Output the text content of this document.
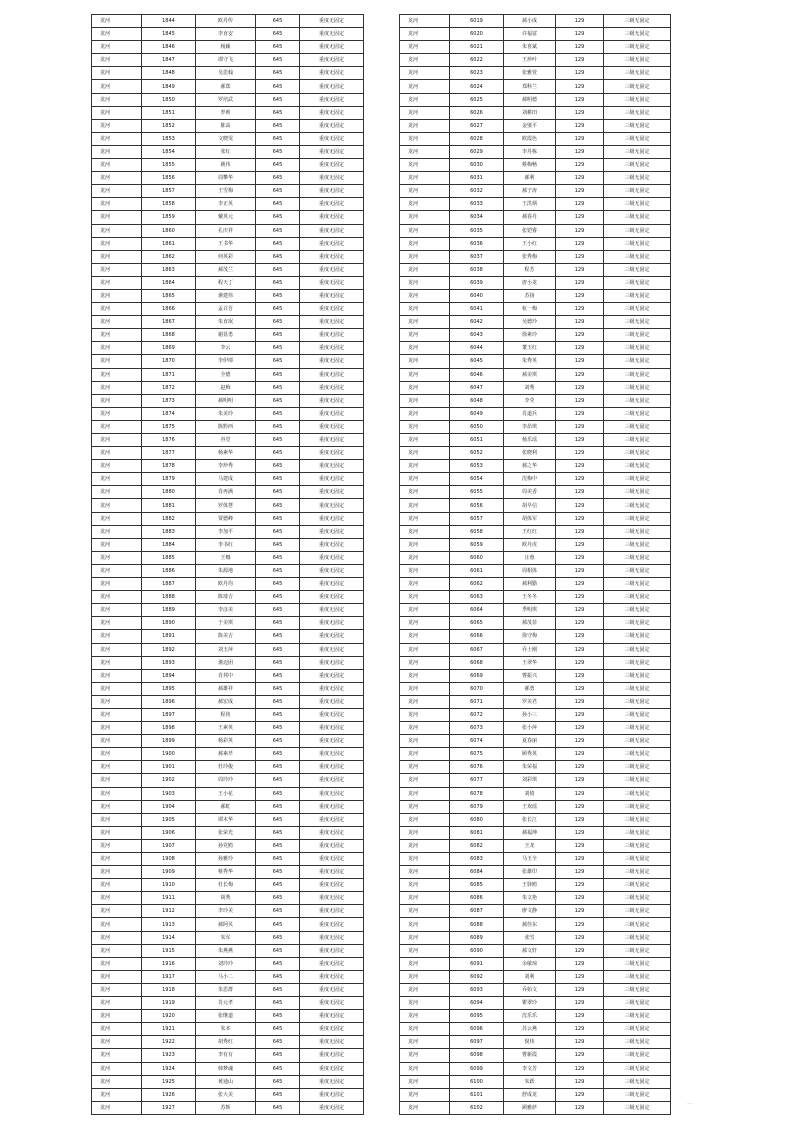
龙河	1844	欧丹传	645	重度无固定
龙河	1845	李直安	645	重度无固定
龙河	1846	杨颖	645	重度无固定
龙河	1847	谭守飞	645	重度无固定
龙河	1848	吴思翰	645	重度无固定
龙河	1849	郝郑	645	重度无固定
龙河	1850	罗培武	645	重度无固定
龙河	1851	罗莉	645	重度无固定
龙河	1852	陈高	645	重度无固定
龙河	1853	文晓雯	645	重度无固定
龙河	1854	张红	645	重度无固定
龙河	1855	姚伟	645	重度无固定
龙河	1856	周攀华	645	重度无固定
龙河	1857	王雪梅	645	重度无固定
龙河	1858	李正英	645	重度无固定
龙河	1859	戴英元	645	重度无固定
龙河	1860	孔庆祥	645	重度无固定
龙河	1861	王书华	645	重度无固定
龙河	1862	何英彩	645	重度无固定
龙河	1863	郝茂兰	645	重度无固定
龙河	1864	程天丁	645	重度无固定
龙河	1865	谯建伟	645	重度无固定
龙河	1866	孟召吾	645	重度无固定
龙河	1867	朱直珉	645	重度无固定
龙河	1868	谢显勇	645	重度无固定
龙河	1869	李云	645	重度无固定
龙河	1870	李伊谭	645	重度无固定
龙河	1871	全德	645	重度无固定
龙河	1872	赵梅	645	重度无固定
龙河	1873	郝明明	645	重度无固定
龙河	1874	朱美玲	645	重度无固定
龙河	1875	陈黔西	645	重度无固定
龙河	1876	谷堂	645	重度无固定
龙河	1877	杨素华	645	重度无固定
龙河	1878	李珍秀	645	重度无固定
龙河	1879	马建成	645	重度无固定
龙河	1880	肖再满	645	重度无固定
龙河	1881	罗体慧	645	重度无固定
龙河	1882	贾德峰	645	重度无固定
龙河	1883	李加平	645	重度无固定
龙河	1884	李书红	645	重度无固定
龙河	1885	王娜	645	重度无固定
龙河	1886	朱源地	645	重度无固定
龙河	1887	欧丹均	645	重度无固定
龙河	1888	陈琦吉	645	重度无固定
龙河	1889	李彦美	645	重度无固定
龙河	1890	于美琪	645	重度无固定
龙河	1891	陈美吉	645	重度无固定
龙河	1892	刘玉萍	645	重度无固定
龙河	1893	谯迈团	645	重度无固定
龙河	1894	肖邦中	645	重度无固定
龙河	1895	郝雄祥	645	重度无固定
龙河	1896	郝宏成	645	重度无固定
龙河	1897	程侠	645	重度无固定
龙河	1898	王素英	645	重度无固定
龙河	1899	杨彩英	645	重度无固定
龙河	1900	郝素芹	645	重度无固定
龙河	1901	杜玲俊	645	重度无固定
龙河	1902	周玲玲	645	重度无固定
龙河	1903	王小花	645	重度无固定
龙河	1904	郝虹	645	重度无固定
龙河	1905	谭木华	645	重度无固定
龙河	1906	张荣光	645	重度无固定
龙河	1907	孙党鸥	645	重度无固定
龙河	1908	孙雅玲	645	重度无固定
龙河	1909	蔡秀华	645	重度无固定
龙河	1910	杜长梅	645	重度无固定
龙河	1911	胡秀	645	重度无固定
龙河	1912	李玲美	645	重度无固定
龙河	1913	郝阿贝	645	重度无固定
龙河	1914	朱军	645	重度无固定
龙河	1915	朱燕燕	645	重度无固定
龙河	1916	刘玲玲	645	重度无固定
龙河	1917	马小二	645	重度无固定
龙河	1918	朱思群	645	重度无固定
龙河	1919	肖元孝	645	重度无固定
龙河	1920	张继道	645	重度无固定
龙河	1921	朱本	645	重度无固定
龙河	1922	胡秀红	645	重度无固定
龙河	1923	李有有	645	重度无固定
龙河	1924	韩梦魂	645	重度无固定
龙河	1925	黄通山	645	重度无固定
龙河	1926	张大美	645	重度无固定
龙河	1927	苏辉	645	重度无固定
龙河	6019	郝小成	129	三级无固定
龙河	6020	许福富	129	三级无固定
龙河	6021	朱喜斌	129	三级无固定
龙河	6022	王珍叶	129	三级无固定
龙河	6023	张雅萱	129	三级无固定
龙河	6024	郑科兰	129	三级无固定
龙河	6025	郝明德	129	三级无固定
龙河	6026	刘耕田	129	三级无固定
龙河	6027	金璧平	129	三级无固定
龙河	6028	欧霞色	129	三级无固定
龙河	6029	李丹栋	129	三级无固定
龙河	6030	蔡梅畅	129	三级无固定
龙河	6031	郝利	129	三级无固定
龙河	6032	郝子涛	129	三级无固定
龙河	6033	王洪炳	129	三级无固定
龙河	6034	郝春丹	129	三级无固定
龙河	6035	张铠睿	129	三级无固定
龙河	6036	王小红	129	三级无固定
龙河	6037	张秀梅	129	三级无固定
龙河	6038	程芳	129	三级无固定
龙河	6039	唐小龙	129	三级无固定
龙河	6040	苏扬	129	三级无固定
龙河	6041	杭一梅	129	三级无固定
龙河	6042	吴德玲	129	三级无固定
龙河	6043	徐素玲	129	三级无固定
龙河	6044	董玉红	129	三级无固定
龙河	6045	朱秀英	129	三级无固定
龙河	6046	郝美琪	129	三级无固定
龙河	6047	刘秀	129	三级无固定
龙河	6048	李莹	129	三级无固定
龙河	6049	肖道兵	129	三级无固定
龙河	6050	李昂琪	129	三级无固定
龙河	6051	杨乐瑶	129	三级无固定
龙河	6052	张晓利	129	三级无固定
龙河	6053	郝之华	129	三级无固定
龙河	6054	沈梅中	129	三级无固定
龙河	6055	周美香	129	三级无固定
龙河	6056	胡早信	129	三级无固定
龙河	6057	胡体军	129	三级无固定
龙河	6058	王红红	129	三级无固定
龙河	6059	欧丹虎	129	三级无固定
龙河	6060	汪蓉	129	三级无固定
龙河	6061	周相体	129	三级无固定
龙河	6062	郝利勤	129	三级无固定
龙河	6063	王冬冬	129	三级无固定
龙河	6064	季明琪	129	三级无固定
龙河	6065	郝茂菲	129	三级无固定
龙河	6066	徐守梅	129	三级无固定
龙河	6067	乔土刚	129	三级无固定
龙河	6068	王翠华	129	三级无固定
龙河	6069	曹振兴	129	三级无固定
龙河	6070	郝勇	129	三级无固定
龙河	6071	罗美君	129	三级无固定
龙河	6072	孙小三	129	三级无固定
龙河	6073	张小萍	129	三级无固定
龙河	6074	夏春丽	129	三级无固定
龙河	6075	顾秀英	129	三级无固定
龙河	6076	朱荣福	129	三级无固定
龙河	6077	刘彩琪	129	三级无固定
龙河	6078	刘倚	129	三级无固定
龙河	6079	王欢瑶	129	三级无固定
龙河	6080	张长江	129	三级无固定
龙河	6081	郝福坤	129	三级无固定
龙河	6082	王龙	129	三级无固定
龙河	6083	马玉全	129	三级无固定
龙河	6084	张雄印	129	三级无固定
龙河	6085	王驿鸥	129	三级无固定
龙河	6086	朱文艳	129	三级无固定
龙河	6087	廖文静	129	三级无固定
龙河	6088	郝佳东	129	三级无固定
龙河	6089	张雪	129	三级无固定
龙河	6090	郝文轩	129	三级无固定
龙河	6091	余敏琼	129	三级无固定
龙河	6092	刘利	129	三级无固定
龙河	6093	乔始文	129	三级无固定
龙河	6094	瞿翠玲	129	三级无固定
龙河	6095	沈乐乐	129	三级无固定
龙河	6096	苏云燕	129	三级无固定
龙河	6097	倪伟	129	三级无固定
龙河	6098	曹新霞	129	三级无固定
龙河	6099	李文芳	129	三级无固定
龙河	6100	朱跃	129	三级无固定
龙河	6101	舒成龙	129	三级无固定
龙河	6102	顾雅萨	129	三级无固定
…
